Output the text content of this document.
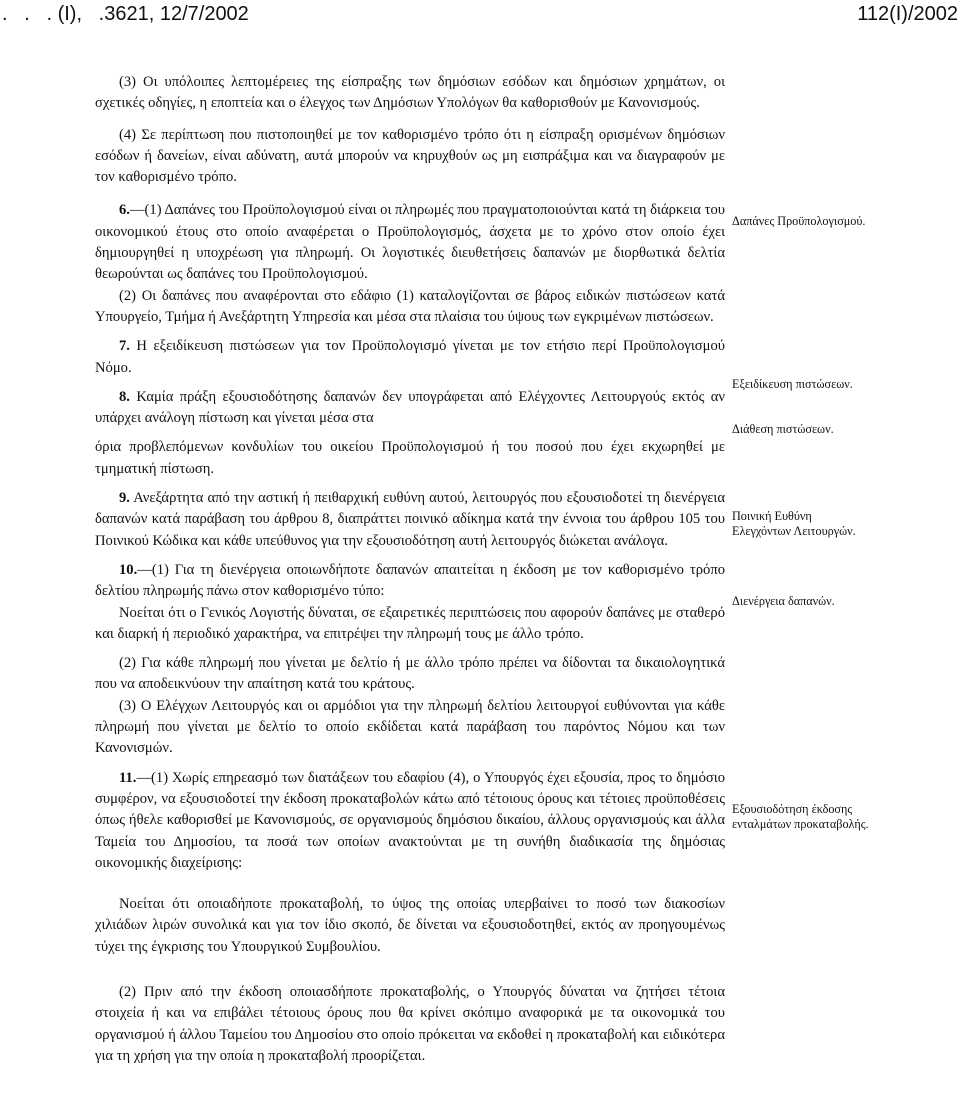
.   .   . (Ι),   .3621, 12/7/2002	112(Ι)/2002

(3) Οι υπόλοιπες λεπτομέρειες της είσπραξης των δημόσιων εσόδων και δημόσιων χρημάτων, οι σχετικές οδηγίες, η εποπτεία και ο έλεγχος των Δημόσιων Υπολόγων θα καθορισθούν με Κανονισμούς.

(4) Σε περίπτωση που πιστοποιηθεί με τον καθορισμένο τρόπο ότι η είσπραξη ορισμένων δημόσιων εσόδων ή δανείων, είναι αδύνατη, αυτά μπορούν να κηρυχθούν ως μη εισπράξιμα και να διαγραφούν με τον καθορισμένο τρόπο.

6.—(1) Δαπάνες του Προϋπολογισμού είναι οι πληρωμές που πραγματοποιούνται κατά τη διάρκεια του οικονομικού έτους στο οποίο αναφέρεται ο Προϋπολογισμός, άσχετα με το χρόνο στον οποίο έχει δημιουργηθεί η υποχρέωση για πληρωμή. Οι λογιστικές διευθετήσεις δαπανών με διορθωτικά δελτία θεωρούνται ως δαπάνες του Προϋπολογισμού.

(2) Οι δαπάνες που αναφέρονται στο εδάφιο (1) καταλογίζονται σε βάρος ειδικών πιστώσεων κατά Υπουργείο, Τμήμα ή Ανεξάρτητη Υπηρεσία και μέσα στα πλαίσια του ύψους των εγκριμένων πιστώσεων.

7. Η εξειδίκευση πιστώσεων για τον Προϋπολογισμό γίνεται με τον ετήσιο περί Προϋπολογισμού Νόμο.

8. Καμία πράξη εξουσιοδότησης δαπανών δεν υπογράφεται από Ελέγχοντες Λειτουργούς εκτός αν υπάρχει ανάλογη πίστωση και γίνεται μέσα στα

όρια προβλεπόμενων κονδυλίων του οικείου Προϋπολογισμού ή του ποσού που έχει εκχωρηθεί με τμηματική πίστωση.

9. Ανεξάρτητα από την αστική ή πειθαρχική ευθύνη αυτού, λειτουργός που εξουσιοδοτεί τη διενέργεια δαπανών κατά παράβαση του άρθρου 8, διαπράττει ποινικό αδίκημα κατά την έννοια του άρθρου 105 του Ποινικού Κώδικα και κάθε υπεύθυνος για την εξουσιοδότηση αυτή λειτουργός διώκεται ανάλογα.

10.—(1) Για τη διενέργεια οποιωνδήποτε δαπανών απαιτείται η έκδοση με τον καθορισμένο τρόπο δελτίου πληρωμής πάνω στον καθορισμένο τύπο:

Νοείται ότι ο Γενικός Λογιστής δύναται, σε εξαιρετικές περιπτώσεις που αφορούν δαπάνες με σταθερό και διαρκή ή περιοδικό χαρακτήρα, να επιτρέψει την πληρωμή τους με άλλο τρόπο.

(2) Για κάθε πληρωμή που γίνεται με δελτίο ή με άλλο τρόπο πρέπει να δίδονται τα δικαιολογητικά που να αποδεικνύουν την απαίτηση κατά του κράτους.

(3) Ο Ελέγχων Λειτουργός και οι αρμόδιοι για την πληρωμή δελτίου λειτουργοί ευθύνονται για κάθε πληρωμή που γίνεται με δελτίο το οποίο εκδίδεται κατά παράβαση του παρόντος Νόμου και των Κανονισμών.

11.—(1) Χωρίς επηρεασμό των διατάξεων του εδαφίου (4), ο Υπουργός έχει εξουσία, προς το δημόσιο συμφέρον, να εξουσιοδοτεί την έκδοση προκαταβολών κάτω από τέτοιους όρους και τέτοιες προϋποθέσεις όπως ήθελε καθορισθεί με Κανονισμούς, σε οργανισμούς δημόσιου δικαίου, άλλους οργανισμούς και άλλα Ταμεία του Δημοσίου, τα ποσά των οποίων ανακτούνται με τη συνήθη διαδικασία της δημόσιας οικονομικής διαχείρισης:

Νοείται ότι οποιαδήποτε προκαταβολή, το ύψος της οποίας υπερβαίνει το ποσό των διακοσίων χιλιάδων λιρών συνολικά και για τον ίδιο σκοπό, δε δίνεται να εξουσιοδοτηθεί, εκτός αν προηγουμένως τύχει της έγκρισης του Υπουργικού Συμβουλίου.

(2) Πριν από την έκδοση οποιασδήποτε προκαταβολής, ο Υπουργός δύναται να ζητήσει τέτοια στοιχεία ή και να επιβάλει τέτοιους όρους που θα κρίνει σκόπιμο αναφορικά με τα οικονομικά του οργανισμού ή άλλου Ταμείου του Δημοσίου στο οποίο πρόκειται να εκδοθεί η προκαταβολή και ειδικότερα για τη χρήση για την οποία η προκαταβολή προορίζεται.

Δαπάνες Προϋπολογισμού.
Εξειδίκευση πιστώσεων.
Διάθεση πιστώσεων.
Ποινική Ευθύνη Ελεγχόντων Λειτουργών.
Διενέργεια δαπανών.
Εξουσιοδότηση έκδοσης ενταλμάτων προκαταβολής.
